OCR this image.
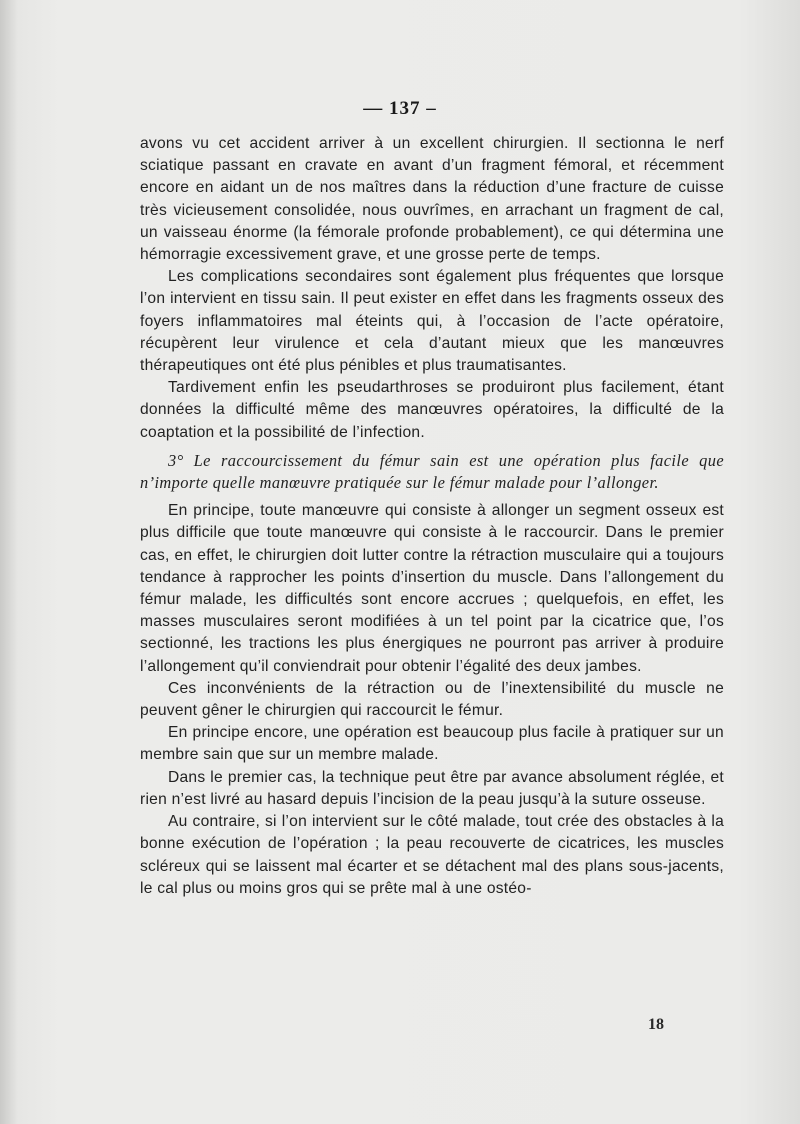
— 137 –

avons vu cet accident arriver à un excellent chirurgien. Il sectionna le nerf sciatique passant en cravate en avant d’un fragment fémoral, et récemment encore en aidant un de nos maîtres dans la réduction d’une fracture de cuisse très vicieusement consolidée, nous ouvrîmes, en arrachant un fragment de cal, un vaisseau énorme (la fémorale profonde probablement), ce qui détermina une hémorragie excessivement grave, et une grosse perte de temps.

Les complications secondaires sont également plus fréquentes que lorsque l’on intervient en tissu sain. Il peut exister en effet dans les fragments osseux des foyers inflammatoires mal éteints qui, à l’occasion de l’acte opératoire, récupèrent leur virulence et cela d’autant mieux que les manœuvres thérapeutiques ont été plus pénibles et plus traumatisantes.

Tardivement enfin les pseudarthroses se produiront plus facilement, étant données la difficulté même des manœuvres opératoires, la difficulté de la coaptation et la possibilité de l’infection.

3° Le raccourcissement du fémur sain est une opération plus facile que n’importe quelle manœuvre pratiquée sur le fémur malade pour l’allonger.

En principe, toute manœuvre qui consiste à allonger un segment osseux est plus difficile que toute manœuvre qui consiste à le raccourcir. Dans le premier cas, en effet, le chirurgien doit lutter contre la rétraction musculaire qui a toujours tendance à rapprocher les points d’insertion du muscle. Dans l’allongement du fémur malade, les difficultés sont encore accrues ; quelquefois, en effet, les masses musculaires seront modifiées à un tel point par la cicatrice que, l’os sectionné, les tractions les plus énergiques ne pourront pas arriver à produire l’allongement qu’il conviendrait pour obtenir l’égalité des deux jambes.

Ces inconvénients de la rétraction ou de l’inextensibilité du muscle ne peuvent gêner le chirurgien qui raccourcit le fémur.

En principe encore, une opération est beaucoup plus facile à pratiquer sur un membre sain que sur un membre malade.

Dans le premier cas, la technique peut être par avance absolument réglée, et rien n’est livré au hasard depuis l’incision de la peau jusqu’à la suture osseuse.

Au contraire, si l’on intervient sur le côté malade, tout crée des obstacles à la bonne exécution de l’opération ; la peau recouverte de cicatrices, les muscles scléreux qui se laissent mal écarter et se détachent mal des plans sous-jacents, le cal plus ou moins gros qui se prête mal à une ostéo-

18
